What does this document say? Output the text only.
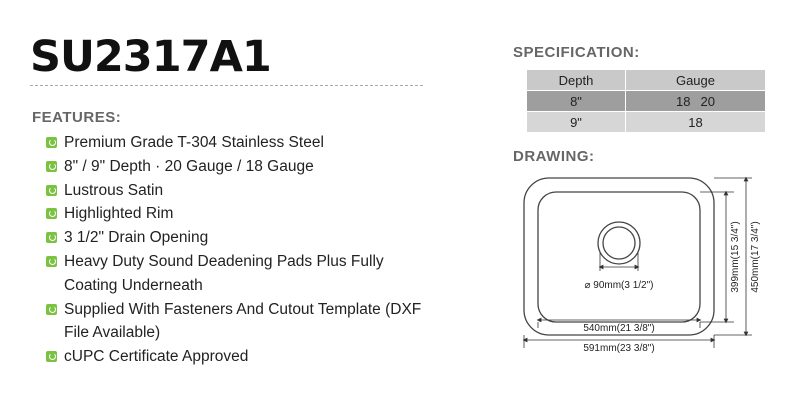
SU2317A1
FEATURES:
Premium Grade T-304 Stainless Steel
8" / 9" Depth · 20 Gauge / 18 Gauge
Lustrous Satin
Highlighted Rim
3 1/2" Drain Opening
Heavy Duty Sound Deadening Pads Plus Fully Coating Underneath
Supplied With Fasteners And Cutout Template (DXF File Available)
cUPC Certificate Approved
SPECIFICATION:
Depth	Gauge
8"	18 20
9"	18
DRAWING:
⌀ 90mm(3 1/2")
540mm(21 3/8")
591mm(23 3/8")
399mm(15 3/4") 450mm(17 3/4")
